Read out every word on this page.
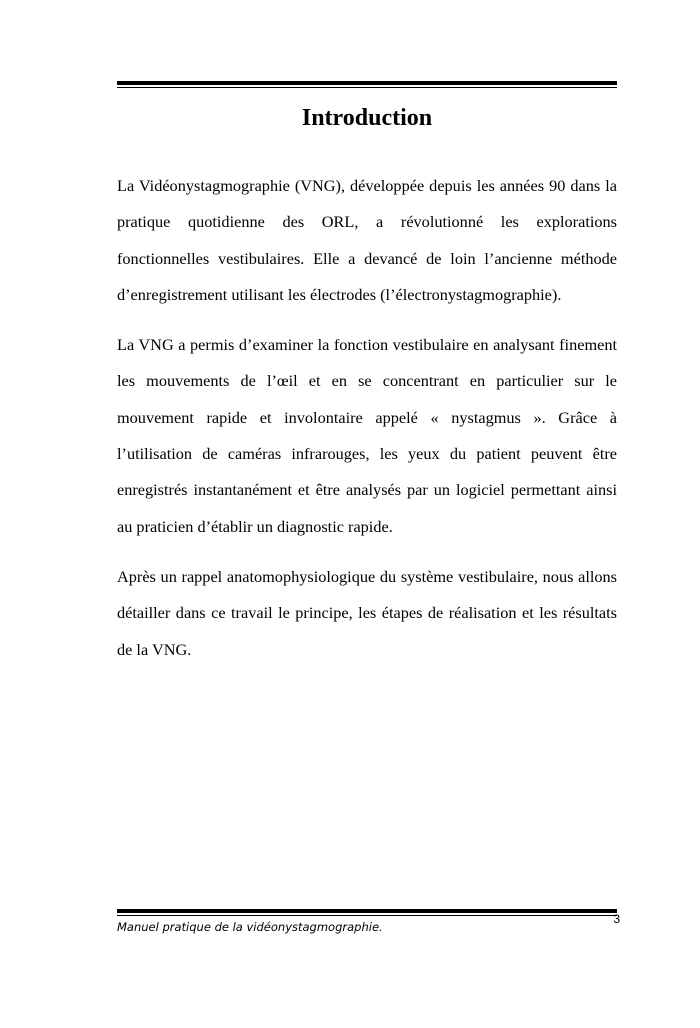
Introduction

La Vidéonystagmographie (VNG), développée depuis les années 90 dans la pratique quotidienne des ORL, a révolutionné les explorations fonctionnelles vestibulaires. Elle a devancé de loin l’ancienne méthode d’enregistrement utilisant les électrodes (l’électronystagmographie).

La VNG a permis d’examiner la fonction vestibulaire en analysant finement les mouvements de l’œil et en se concentrant en particulier sur le mouvement rapide et involontaire appelé « nystagmus ». Grâce à l’utilisation de caméras infrarouges, les yeux du patient peuvent être enregistrés instantanément et être analysés par un logiciel permettant ainsi au praticien d’établir un diagnostic rapide.

Après un rappel anatomophysiologique du système vestibulaire, nous allons détailler dans ce travail le principe, les étapes de réalisation et les résultats de la VNG.

Manuel pratique de la vidéonystagmographie.
3
